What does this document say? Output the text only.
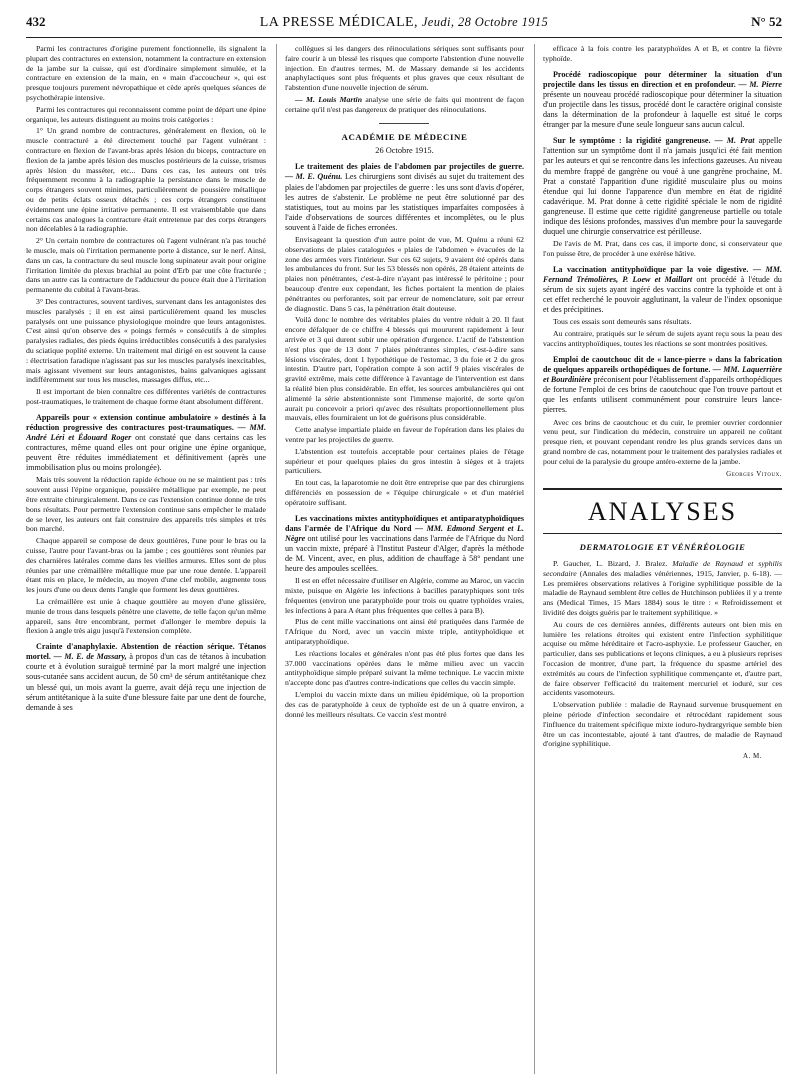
432	LA PRESSE MÉDICALE, Jeudi, 28 Octobre 1915	N° 52

Parmi les contractures d'origine purement fonctionnelle, ils signalent la plupart des contractures en extension, notamment la contracture en extension de la jambe sur la cuisse, qui est d'ordinaire simplement simulée, et la contracture en extension de la main, en « main d'accoucheur », qui est presque toujours purement névropathique et cède après quelques séances de psychothérapie intensive.

Parmi les contractures qui reconnaissent comme point de départ une épine organique, les auteurs distinguent au moins trois catégories :

1° Un grand nombre de contractures, généralement en flexion, où le muscle contracturé a été directement touché par l'agent vulnérant : contracture en flexion de l'avant-bras après lésion du biceps, contracture en flexion de la jambe après lésion des muscles postérieurs de la cuisse, trismus après lésion du masséter, etc... Dans ces cas, les auteurs ont très fréquemment reconnu à la radiographie la persistance dans le muscle de corps étrangers souvent minimes, particulièrement de poussière métallique ou de petits éclats osseux détachés ; ces corps étrangers constituent évidemment une épine irritative permanente. Il est vraisemblable que dans certains cas analogues la contracture était entretenue par des corps étrangers non décelables à la radiographie.

2° Un certain nombre de contractures où l'agent vulnérant n'a pas touché le muscle, mais où l'irritation permanente porte à distance, sur le nerf. Ainsi, dans un cas, la contracture du seul muscle long supinateur avait pour origine l'irritation limitée du plexus brachial au point d'Erb par une côte fracturée ; dans un autre cas la contracture de l'adducteur du pouce était due à l'irritation permanente du cubital à l'avant-bras.

3° Des contractures, souvent tardives, survenant dans les antagonistes des muscles paralysés ; il en est ainsi particulièrement quand les muscles paralysés ont une puissance physiologique moindre que leurs antagonistes. C'est ainsi qu'on observe des « poings fermés » consécutifs à de simples paralysies radiales, des pieds équins irréductibles consécutifs à des paralysies du sciatique poplité externe. Un traitement mal dirigé en est souvent la cause : électrisation faradique n'agissant pas sur les muscles paralysés inexcitables, mais agissant vivement sur leurs antagonistes, bains galvaniques agissant indifféremment sur tous les muscles, massages diffus, etc...

Il est important de bien connaître ces différentes variétés de contractures post-traumatiques, le traitement de chaque forme étant absolument différent.

Appareils pour « extension continue ambulatoire » destinés à la réduction progressive des contractures post-traumatiques. — MM. André Léri et Édouard Roger ont constaté que dans certains cas les contractures, même quand elles ont pour origine une épine organique, peuvent être réduites immédiatement et définitivement (après une immobilisation plus ou moins prolongée).

Mais très souvent la réduction rapide échoue ou ne se maintient pas : très souvent aussi l'épine organique, poussière métallique par exemple, ne peut être extraite chirurgicalement. Dans ce cas l'extension continue donne de très bons résultats. Pour permettre l'extension continue sans empêcher le malade de se lever, les auteurs ont fait construire des appareils très simples et très bon marché.

Chaque appareil se compose de deux gouttières, l'une pour le bras ou la cuisse, l'autre pour l'avant-bras ou la jambe ; ces gouttières sont réunies par des charnières latérales comme dans les vieilles armures. Elles sont de plus réunies par une crémaillère métallique mue par une roue dentée. L'appareil étant mis en place, le médecin, au moyen d'une clef mobile, augmente tous les jours d'une ou deux dents l'angle que forment les deux gouttières.

La crémaillère est unie à chaque gouttière au moyen d'une glissière, munie de trous dans lesquels pénètre une clavette, de telle façon qu'un même appareil, sans être encombrant, permet d'allonger le membre depuis la flexion à angle très aigu jusqu'à l'extension complète.

Crainte d'anaphylaxie. Abstention de réaction sérique. Tétanos mortel. — M. E. de Massary, à propos d'un cas de tétanos à incubation courte et à évolution suraiguë terminé par la mort malgré une injection sous-cutanée sans accident aucun, de 50 cm³ de sérum antitétanique chez un blessé qui, un mois avant la guerre, avait déjà reçu une injection de sérum antitétanique à la suite d'une blessure faite par une dent de fourche, demande à ses

collègues si les dangers des réinoculations sériques sont suffisants pour faire courir à un blessé les risques que comporte l'abstention d'une nouvelle injection. En d'autres termes, M. de Massary demande si les accidents anaphylactiques sont plus fréquents et plus graves que ceux résultant de l'abstention d'une nouvelle injection de sérum.

— M. Louis Martin analyse une série de faits qui montrent de façon certaine qu'il n'est pas dangereux de pratiquer des réinoculations.

ACADÉMIE DE MÉDECINE
26 Octobre 1915.

Le traitement des plaies de l'abdomen par projectiles de guerre. — M. E. Quénu. Les chirurgiens sont divisés au sujet du traitement des plaies de l'abdomen par projectiles de guerre : les uns sont d'avis d'opérer, les autres de s'abstenir. Le problème ne peut être solutionné par des statistiques, tout au moins par les statistiques imparfaites composées à l'aide d'observations de sources différentes et incomplètes, ou le plus souvent à l'aide de fiches erronées.

Envisageant la question d'un autre point de vue, M. Quénu a réuni 62 observations de plaies cataloguées « plaies de l'abdomen » évacuées de la zone des armées vers l'intérieur. Sur ces 62 sujets, 9 avaient été opérés dans les ambulances du front. Sur les 53 blessés non opérés, 28 étaient atteints de plaies non pénétrantes, c'est-à-dire n'ayant pas intéressé le péritoine ; pour beaucoup d'entre eux cependant, les fiches portaient la mention de plaies pénétrantes ou perforantes, soit par erreur de nomenclature, soit par erreur de diagnostic. Dans 5 cas, la pénétration était douteuse.

Voilà donc le nombre des véritables plaies du ventre réduit à 20. Il faut encore défalquer de ce chiffre 4 blessés qui moururent rapidement à leur arrivée et 3 qui durent subir une opération d'urgence. L'actif de l'abstention n'est plus que de 13 dont 7 plaies pénétrantes simples, c'est-à-dire sans lésions viscérales, dont 1 hypothétique de l'estomac, 3 du foie et 2 du gros intestin. D'autre part, l'opération compte à son actif 9 plaies viscérales de gravité extrême, mais cette différence à l'avantage de l'intervention est dans la réalité bien plus considérable. En effet, les sources ambulancières qui ont alimenté la série abstentionniste sont l'immense majorité, de sorte qu'on aurait pu concevoir a priori qu'avec des résultats proportionnellement plus mauvais, elles fourniraient un lot de guérisons plus considérable.

Cette analyse impartiale plaide en faveur de l'opération dans les plaies du ventre par les projectiles de guerre.

L'abstention est toutefois acceptable pour certaines plaies de l'étage supérieur et pour quelques plaies du gros intestin à sièges et à trajets particuliers.

En tout cas, la laparotomie ne doit être entreprise que par des chirurgiens différenciés en possession de « l'équipe chirurgicale » et d'un matériel opératoire suffisant.

Les vaccinations mixtes antityphoïdiques et antiparatyphoïdiques dans l'armée de l'Afrique du Nord — MM. Edmond Sergent et L. Nègre ont utilisé pour les vaccinations dans l'armée de l'Afrique du Nord un vaccin mixte, préparé à l'Institut Pasteur d'Alger, d'après la méthode de M. Vincent, avec, en plus, addition de chauffage à 58° pendant une heure des ampoules scellées.

Il est en effet nécessaire d'utiliser en Algérie, comme au Maroc, un vaccin mixte, puisque en Algérie les infections à bacilles paratyphiques sont très fréquentes (environ une paratyphoïde pour trois ou quatre typhoïdes vraies, les infections à para A étant plus fréquentes que celles à para B).

Plus de cent mille vaccinations ont ainsi été pratiquées dans l'armée de l'Afrique du Nord, avec un vaccin mixte triple, antityphoïdique et antiparatyphoïdique.

Les réactions locales et générales n'ont pas été plus fortes que dans les 37.000 vaccinations opérées dans le même milieu avec un vaccin antityphoïdique simple préparé suivant la même technique. Le vaccin mixte n'accepte donc pas d'autres contre-indications que celles du vaccin simple.

L'emploi du vaccin mixte dans un milieu épidémique, où la proportion des cas de paratyphoïde à ceux de typhoïde est de un à quatre environ, a donné les meilleurs résultats. Ce vaccin s'est montré

efficace à la fois contre les paratyphoïdes A et B, et contre la fièvre typhoïde.

Procédé radioscopique pour déterminer la situation d'un projectile dans les tissus en direction et en profondeur. — M. Pierre présente un nouveau procédé radioscopique pour déterminer la situation d'un projectile dans les tissus, procédé dont le caractère original consiste dans la détermination de la profondeur à laquelle est situé le corps étranger par la mesure d'une seule longueur sans aucun calcul.

Sur le symptôme : la rigidité gangreneuse. — M. Prat appelle l'attention sur un symptôme dont il n'a jamais jusqu'ici été fait mention par les auteurs et qui se rencontre dans les infections gazeuses. Au niveau du membre frappé de gangrène ou voué à une gangrène prochaine, M. Prat a constaté l'apparition d'une rigidité musculaire plus ou moins étendue qui lui donne l'apparence d'un membre en état de rigidité cadavérique. M. Prat donne à cette rigidité spéciale le nom de rigidité gangreneuse. Il estime que cette rigidité gangreneuse partielle ou totale indique des lésions profondes, massives d'un membre pour la sauvegarde duquel une chirurgie conservatrice est périlleuse.

De l'avis de M. Prat, dans ces cas, il importe donc, si conservateur que l'on puisse être, de procéder à une exérèse hâtive.

La vaccination antityphoïdique par la voie digestive. — MM. Fernand Trémolières, P. Loew et Maillart ont procédé à l'étude du sérum de six sujets ayant ingéré des vaccins contre la typhoïde et ont à cet effet recherché le pouvoir agglutinant, la valeur de l'index opsonique et des précipitines.

Tous ces essais sont demeurés sans résultats.

Au contraire, pratiqués sur le sérum de sujets ayant reçu sous la peau des vaccins antityphoïdiques, toutes les réactions se sont montrées positives.

Emploi de caoutchouc dit de « lance-pierre » dans la fabrication de quelques appareils orthopédiques de fortune. — MM. Laquerrière et Bourdinière préconisent pour l'établissement d'appareils orthopédiques de fortune l'emploi de ces brins de caoutchouc que l'on trouve partout et que les enfants utilisent communément pour construire leurs lance-pierres.

Avec ces brins de caoutchouc et du cuir, le premier ouvrier cordonnier venu peut, sur l'indication du médecin, construire un appareil ne coûtant presque rien, et pouvant cependant rendre les plus grands services dans un grand nombre de cas, notamment pour le traitement des paralysies radiales et pour celui de la paralysie du groupe antéro-externe de la jambe.

Georges Vitoux.
ANALYSES
DERMATOLOGIE ET VÉNÉRÉOLOGIE

P. Gaucher, L. Bizard, J. Bralez. Maladie de Raynaud et syphilis secondaire (Annales des maladies vénériennes, 1915, Janvier, p. 6-18). — Les premières observations relatives à l'origine syphilitique possible de la maladie de Raynaud semblent être celles de Hutchinson publiées il y a trente ans (Medical Times, 15 Mars 1884) sous le titre : « Refroidissement et lividité des doigts guéris par le traitement syphilitique. »

Au cours de ces dernières années, différents auteurs ont bien mis en lumière les relations étroites qui existent entre l'infection syphilitique acquise ou même héréditaire et l'acro-asphyxie. Le professeur Gaucher, en particulier, dans ses publications et leçons cliniques, a eu à plusieurs reprises l'occasion de montrer, d'une part, la fréquence du spasme artériel des extrémités au cours de l'infection syphilitique commençante et, d'autre part, de faire observer l'efficacité du traitement mercuriel et ioduré, sur ces accidents vasomoteurs.

L'observation publiée : maladie de Raynaud survenue brusquement en pleine période d'infection secondaire et rétrocédant rapidement sous l'influence du traitement spécifique mixte ioduro-hydrargyrique semble bien être un cas incontestable, ajouté à tant d'autres, de maladie de Raynaud d'origine syphilitique.

A. M.
